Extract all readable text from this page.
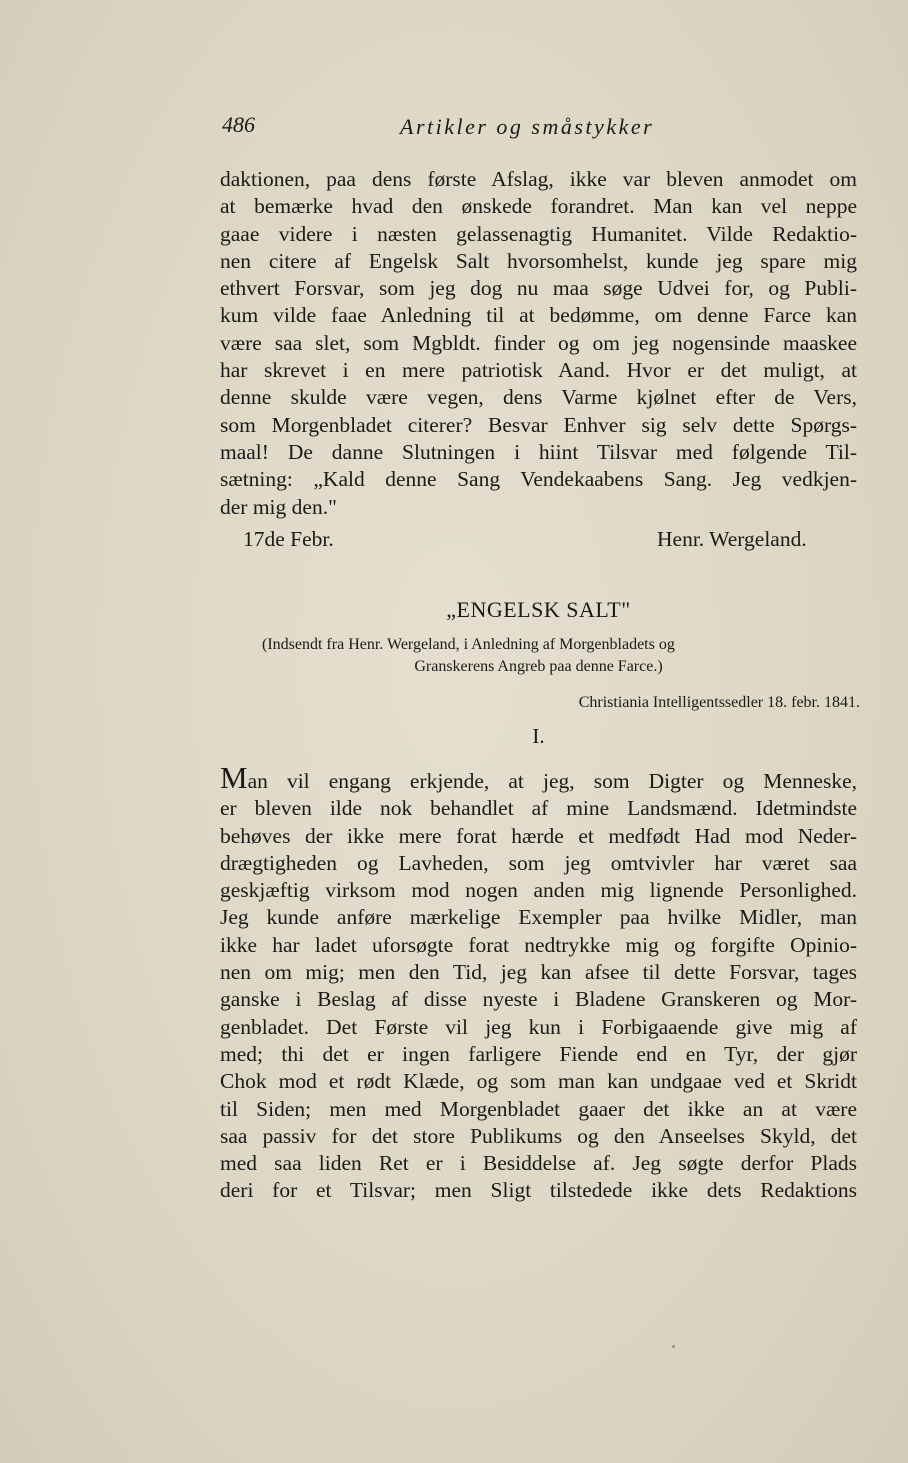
486	Artikler og småstykker
daktionen, paa dens første Afslag, ikke var bleven anmodet om
at bemærke hvad den ønskede forandret. Man kan vel neppe
gaae videre i næsten gelassenagtig Humanitet. Vilde Redaktio-
nen citere af Engelsk Salt hvorsomhelst, kunde jeg spare mig
ethvert Forsvar, som jeg dog nu maa søge Udvei for, og Publi-
kum vilde faae Anledning til at bedømme, om denne Farce kan
være saa slet, som Mgbldt. finder og om jeg nogensinde maaskee
har skrevet i en mere patriotisk Aand. Hvor er det muligt, at
denne skulde være vegen, dens Varme kjølnet efter de Vers,
som Morgenbladet citerer? Besvar Enhver sig selv dette Spørgs-
maal! De danne Slutningen i hiint Tilsvar med følgende Til-
sætning: „Kald denne Sang Vendekaabens Sang. Jeg vedkjen-
der mig den."
17de Febr.	Henr. Wergeland.
„ENGELSK SALT"
(Indsendt fra Henr. Wergeland, i Anledning af Morgenbladets og
Granskerens Angreb paa denne Farce.)
Christiania Intelligentssedler 18. febr. 1841.
I.
Man vil engang erkjende, at jeg, som Digter og Menneske,
er bleven ilde nok behandlet af mine Landsmænd. Idetmindste
behøves der ikke mere forat hærde et medfødt Had mod Neder-
drægtigheden og Lavheden, som jeg omtvivler har været saa
geskjæftig virksom mod nogen anden mig lignende Personlighed.
Jeg kunde anføre mærkelige Exempler paa hvilke Midler, man
ikke har ladet uforsøgte forat nedtrykke mig og forgifte Opinio-
nen om mig; men den Tid, jeg kan afsee til dette Forsvar, tages
ganske i Beslag af disse nyeste i Bladene Granskeren og Mor-
genbladet. Det Første vil jeg kun i Forbigaaende give mig af
med; thi det er ingen farligere Fiende end en Tyr, der gjør
Chok mod et rødt Klæde, og som man kan undgaae ved et Skridt
til Siden; men med Morgenbladet gaaer det ikke an at være
saa passiv for det store Publikums og den Anseelses Skyld, det
med saa liden Ret er i Besiddelse af. Jeg søgte derfor Plads
deri for et Tilsvar; men Sligt tilstedede ikke dets Redaktions
